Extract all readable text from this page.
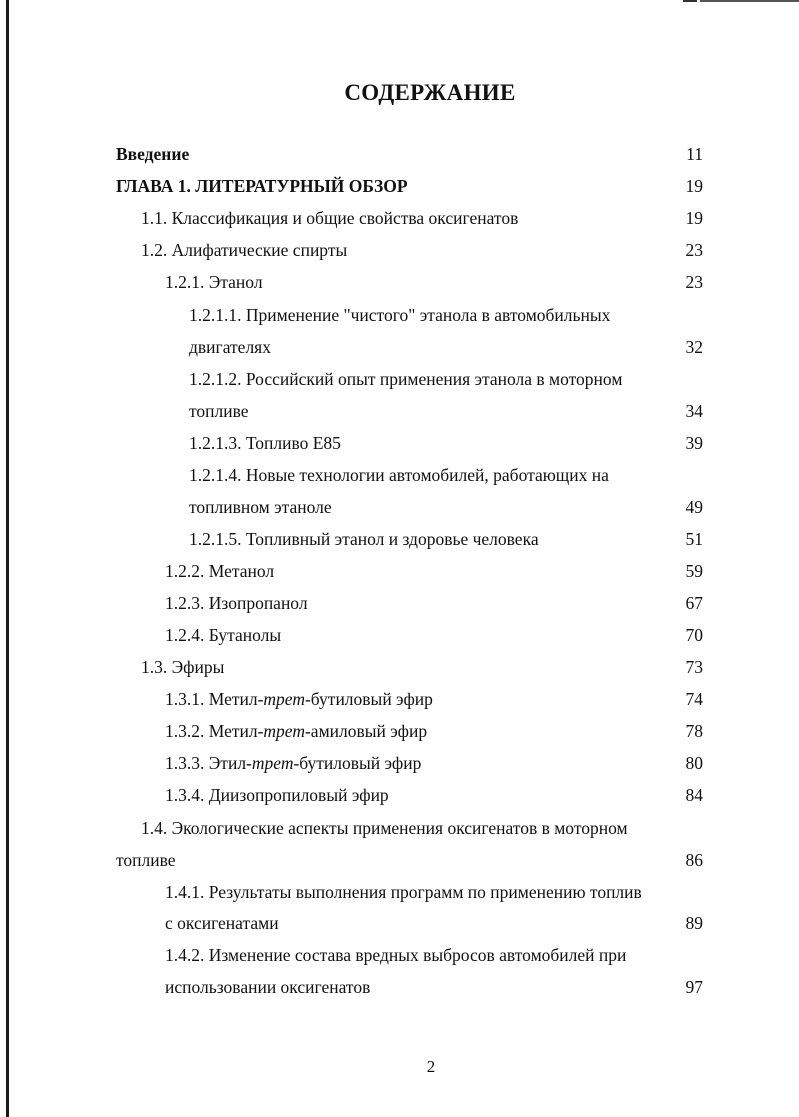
СОДЕРЖАНИЕ
Введение	11
ГЛАВА 1. ЛИТЕРАТУРНЫЙ ОБЗОР	19
1.1. Классификация и общие свойства оксигенатов	19
1.2. Алифатические спирты	23
1.2.1. Этанол	23
1.2.1.1. Применение "чистого" этанола в автомобильных
двигателях	32
1.2.1.2. Российский опыт применения этанола в моторном
топливе	34
1.2.1.3. Топливо Е85	39
1.2.1.4. Новые технологии автомобилей, работающих на
топливном этаноле	49
1.2.1.5. Топливный этанол и здоровье человека	51
1.2.2. Метанол	59
1.2.3. Изопропанол	67
1.2.4. Бутанолы	70
1.3. Эфиры	73
1.3.1. Метил-трет-бутиловый эфир	74
1.3.2. Метил-трет-амиловый эфир	78
1.3.3. Этил-трет-бутиловый эфир	80
1.3.4. Диизопропиловый эфир	84
1.4. Экологические аспекты применения оксигенатов в моторном
топливе	86
1.4.1. Результаты выполнения программ по применению топлив
с оксигенатами	89
1.4.2. Изменение состава вредных выбросов автомобилей при
использовании оксигенатов	97
2
